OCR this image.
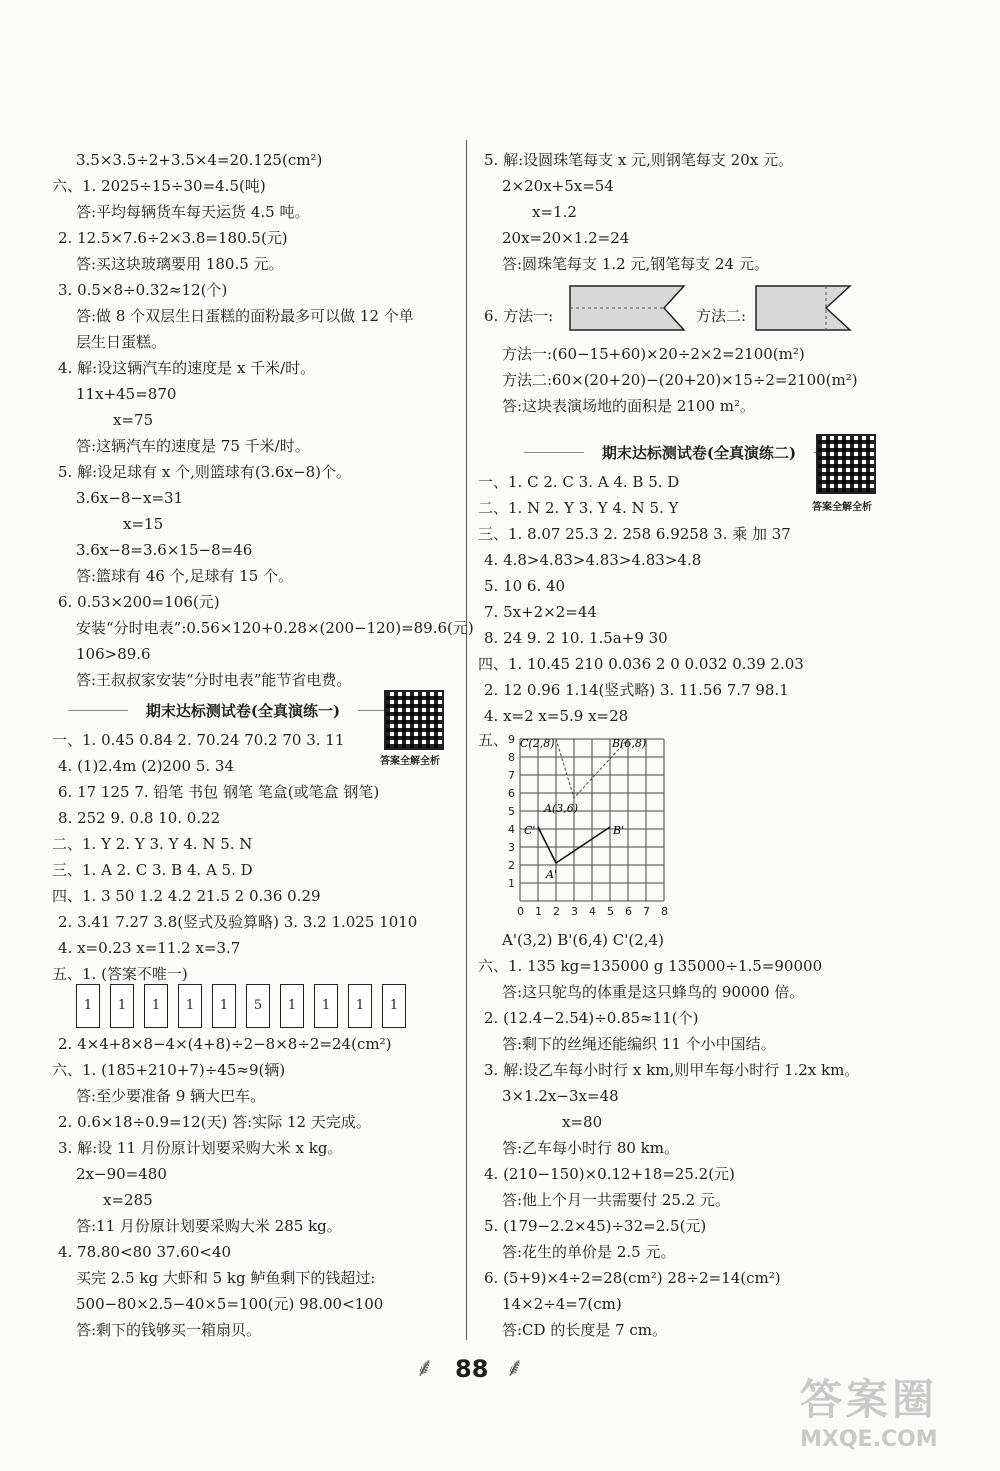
3.5×3.5÷2+3.5×4=20.125(cm²)
六、1. 2025÷15÷30=4.5(吨)
答:平均每辆货车每天运货 4.5 吨。
2. 12.5×7.6÷2×3.8=180.5(元)
答:买这块玻璃要用 180.5 元。
3. 0.5×8÷0.32≈12(个)
答:做 8 个双层生日蛋糕的面粉最多可以做 12 个单
层生日蛋糕。
4. 解:设这辆汽车的速度是 x 千米/时。
11x+45=870
x=75
答:这辆汽车的速度是 75 千米/时。
5. 解:设足球有 x 个,则篮球有(3.6x−8)个。
3.6x−8−x=31
x=15
3.6x−8=3.6×15−8=46
答:篮球有 46 个,足球有 15 个。
6. 0.53×200=106(元)
安装“分时电表”:0.56×120+0.28×(200−120)=89.6(元)
106>89.6
答:王叔叔家安装“分时电表”能节省电费。
期末达标测试卷(全真演练一)
答案全解全析
一、1. 0.45 0.84 2. 70.24 70.2 70 3. 11
4. (1)2.4m (2)200 5. 34
6. 17 125 7. 铅笔 书包 钢笔 笔盒(或笔盒 钢笔)
8. 252 9. 0.8 10. 0.22
二、1. Y 2. Y 3. Y 4. N 5. N
三、1. A 2. C 3. B 4. A 5. D
四、1. 3 50 1.2 4.2 21.5 2 0.36 0.29
2. 3.41 7.27 3.8(竖式及验算略) 3. 3.2 1.025 1010
4. x=0.23 x=11.2 x=3.7
五、1. (答案不唯一)
1	1	1	1	1	5	1	1	1	1
2. 4×4+8×8−4×(4+8)÷2−8×8÷2=24(cm²)
六、1. (185+210+7)÷45≈9(辆)
答:至少要准备 9 辆大巴车。
2. 0.6×18÷0.9=12(天) 答:实际 12 天完成。
3. 解:设 11 月份原计划要采购大米 x kg。
2x−90=480
x=285
答:11 月份原计划要采购大米 285 kg。
4. 78.80<80 37.60<40
买完 2.5 kg 大虾和 5 kg 鲈鱼剩下的钱超过:
500−80×2.5−40×5=100(元) 98.00<100
答:剩下的钱够买一箱扇贝。
5. 解:设圆珠笔每支 x 元,则钢笔每支 20x 元。
2×20x+5x=54
x=1.2
20x=20×1.2=24
答:圆珠笔每支 1.2 元,钢笔每支 24 元。
6. 方法一:	方法二:
方法一:(60−15+60)×20÷2×2=2100(m²)
方法二:60×(20+20)−(20+20)×15÷2=2100(m²)
答:这块表演场地的面积是 2100 m²。
期末达标测试卷(全真演练二)
答案全解全析
一、1. C 2. C 3. A 4. B 5. D
二、1. N 2. Y 3. Y 4. N 5. Y
三、1. 8.07 25.3 2. 258 6.9258 3. 乘 加 37
4. 4.8>4.83>4.83>4.83>4.8
5. 10 6. 40
7. 5x+2×2=44
8. 24 9. 2 10. 1.5a+9 30
四、1. 10.45 210 0.036 2 0 0.032 0.39 2.03
2. 12 0.96 1.14(竖式略) 3. 11.56 7.7 98.1
4. x=2 x=5.9 x=28
五、
0 1 2 3 4 5 6 7 8
1
2
3
4
5
6
7
8
9 C(2,8)	B(6,8)
A(3,6)
C'	B'
A'
A'(3,2) B'(6,4) C'(2,4)
六、1. 135 kg=135000 g 135000÷1.5=90000
答:这只鸵鸟的体重是这只蜂鸟的 90000 倍。
2. (12.4−2.54)÷0.85≈11(个)
答:剩下的丝绳还能编织 11 个小中国结。
3. 解:设乙车每小时行 x km,则甲车每小时行 1.2x km。
3×1.2x−3x=48
x=80
答:乙车每小时行 80 km。
4. (210−150)×0.12+18=25.2(元)
答:他上个月一共需要付 25.2 元。
5. (179−2.2×45)÷32=2.5(元)
答:花生的单价是 2.5 元。
6. (5+9)×4÷2=28(cm²) 28÷2=14(cm²)
14×2÷4=7(cm)
答:CD 的长度是 7 cm。
⸙ 88 ⸙
答案圈
MXQE.COM
